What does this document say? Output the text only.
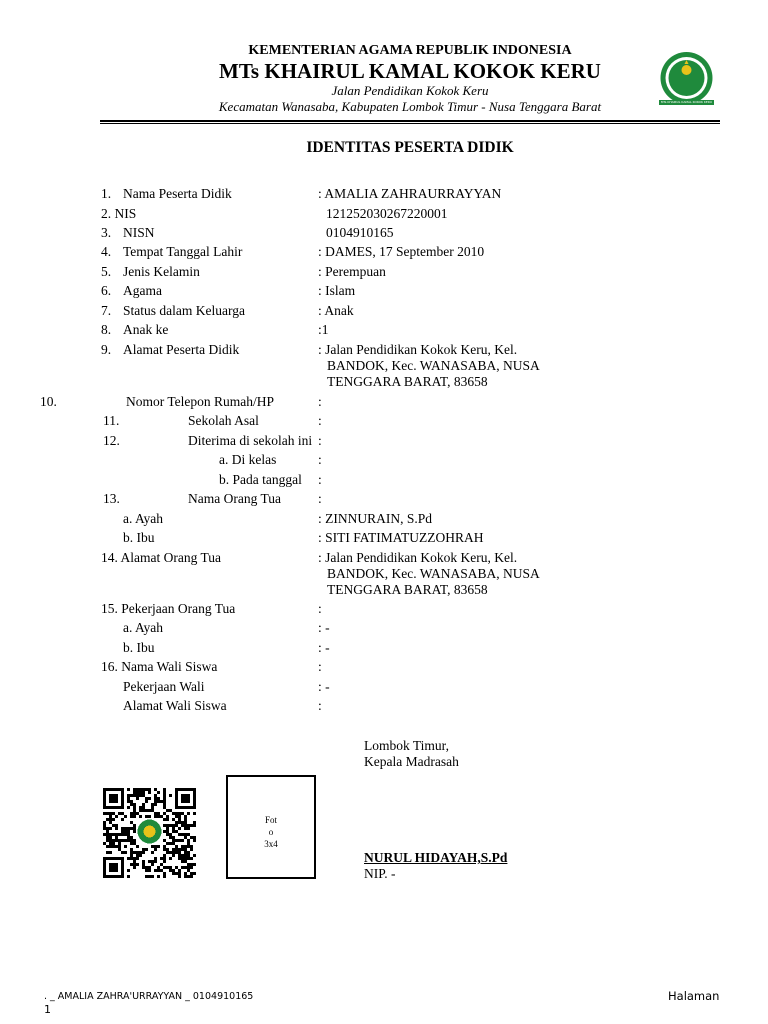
KEMENTERIAN AGAMA REPUBLIK INDONESIA
MTs KHAIRUL KAMAL KOKOK KERU
Jalan Pendidikan Kokok Keru
Kecamatan Wanasaba, Kabupaten Lombok Timur - Nusa Tenggara Barat	MTs KHAIRUL KAMAL KOKOK KERU
IDENTITAS PESERTA DIDIK
1. Nama Peserta Didik	: AMALIA ZAHRAURRAYYAN
2. NIS	121252030267220001
3. NISN	0104910165
4. Tempat Tanggal Lahir	: DAMES, 17 September 2010
5. Jenis Kelamin	: Perempuan
6. Agama	: Islam
7. Status dalam Keluarga	: Anak
8. Anak ke	:1
9. Alamat Peserta Didik	: Jalan Pendidikan Kokok Keru, Kel.
BANDOK, Kec. WANASABA, NUSA
TENGGARA BARAT, 83658
10.	Nomor Telepon Rumah/HP	:
11.	Sekolah Asal	:
12.	Diterima di sekolah ini :
a. Di kelas	:
b. Pada tanggal :
13.	Nama Orang Tua	:
a. Ayah	: ZINNURAIN, S.Pd
b. Ibu	: SITI FATIMATUZZOHRAH
14. Alamat Orang Tua	: Jalan Pendidikan Kokok Keru, Kel.
BANDOK, Kec. WANASABA, NUSA
TENGGARA BARAT, 83658
15. Pekerjaan Orang Tua	:
a. Ayah	: -
b. Ibu	: -
16. Nama Wali Siswa	:
Pekerjaan Wali	: -
Alamat Wali Siswa	:
Lombok Timur,
Kepala Madrasah
NURUL HIDAYAH,S.Pd
NIP. -
Fot
o
3x4
. _ AMALIA ZAHRA'URRAYYAN _ 0104910165
1
Halaman
